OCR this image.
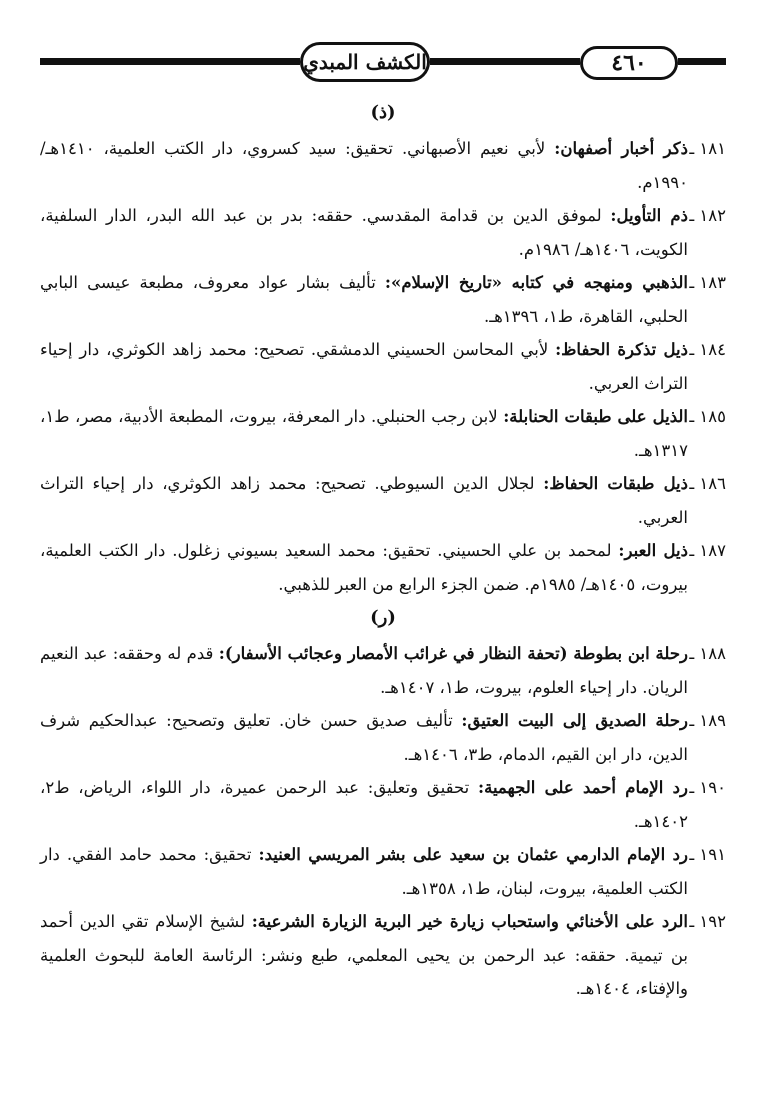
الكشف المبدي	٤٦٠
(ذ)

١٨١ ـ
ذكر أخبار أصفهان: لأبي نعيم الأصبهاني. تحقيق: سيد كسروي، دار الكتب العلمية، ١٤١٠هـ/ ١٩٩٠م.

١٨٢ ـ
ذم التأويل: لموفق الدين بن قدامة المقدسي. حققه: بدر بن عبد الله البدر، الدار السلفية، الكويت، ١٤٠٦هـ/ ١٩٨٦م.

١٨٣ ـ
الذهبي ومنهجه في كتابه «تاريخ الإسلام»: تأليف بشار عواد معروف، مطبعة عيسى البابي الحلبي، القاهرة، ط١، ١٣٩٦هـ.

١٨٤ ـ
ذيل تذكرة الحفاظ: لأبي المحاسن الحسيني الدمشقي. تصحيح: محمد زاهد الكوثري، دار إحياء التراث العربي.

١٨٥ ـ
الذيل على طبقات الحنابلة: لابن رجب الحنبلي. دار المعرفة، بيروت، المطبعة الأدبية، مصر، ط١، ١٣١٧هـ.

١٨٦ ـ
ذيل طبقات الحفاظ: لجلال الدين السيوطي. تصحيح: محمد زاهد الكوثري، دار إحياء التراث العربي.

١٨٧ ـ
ذيل العبر: لمحمد بن علي الحسيني. تحقيق: محمد السعيد بسيوني زغلول. دار الكتب العلمية، بيروت، ١٤٠٥هـ/ ١٩٨٥م. ضمن الجزء الرابع من العبر للذهبي.

(ر)

١٨٨ ـ
رحلة ابن بطوطة (تحفة النظار في غرائب الأمصار وعجائب الأسفار): قدم له وحققه: عبد النعيم الريان. دار إحياء العلوم، بيروت، ط١، ١٤٠٧هـ.

١٨٩ ـ
رحلة الصديق إلى البيت العتيق: تأليف صديق حسن خان. تعليق وتصحيح: عبدالحكيم شرف الدين، دار ابن القيم، الدمام، ط٣، ١٤٠٦هـ.

١٩٠ ـ
رد الإمام أحمد على الجهمية: تحقيق وتعليق: عبد الرحمن عميرة، دار اللواء، الرياض، ط٢، ١٤٠٢هـ.

١٩١ ـ
رد الإمام الدارمي عثمان بن سعيد على بشر المريسي العنيد: تحقيق: محمد حامد الفقي. دار الكتب العلمية، بيروت، لبنان، ط١، ١٣٥٨هـ.

١٩٢ ـ
الرد على الأخنائي واستحباب زيارة خير البرية الزيارة الشرعية: لشيخ الإسلام تقي الدين أحمد بن تيمية. حققه: عبد الرحمن بن يحيى المعلمي، طبع ونشر: الرئاسة العامة للبحوث العلمية والإفتاء، ١٤٠٤هـ.
